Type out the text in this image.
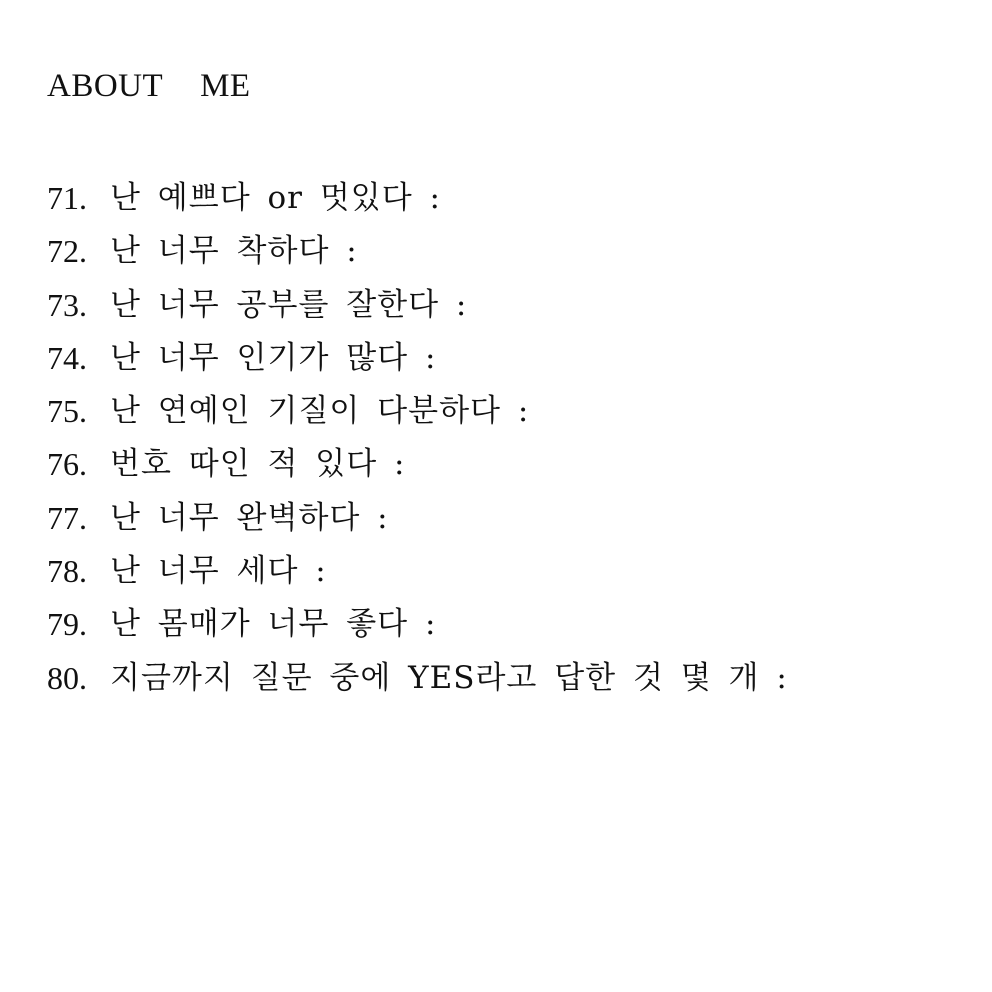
ABOUT  ME
71. 난 예쁘다 or 멋있다 :
72. 난 너무 착하다 :
73. 난 너무 공부를 잘한다 :
74. 난 너무 인기가 많다 :
75. 난 연예인 기질이 다분하다 :
76. 번호 따인 적 있다 :
77. 난 너무 완벽하다 :
78. 난 너무 세다 :
79. 난 몸매가 너무 좋다 :
80. 지금까지 질문 중에 YES라고 답한 것 몇 개 :
